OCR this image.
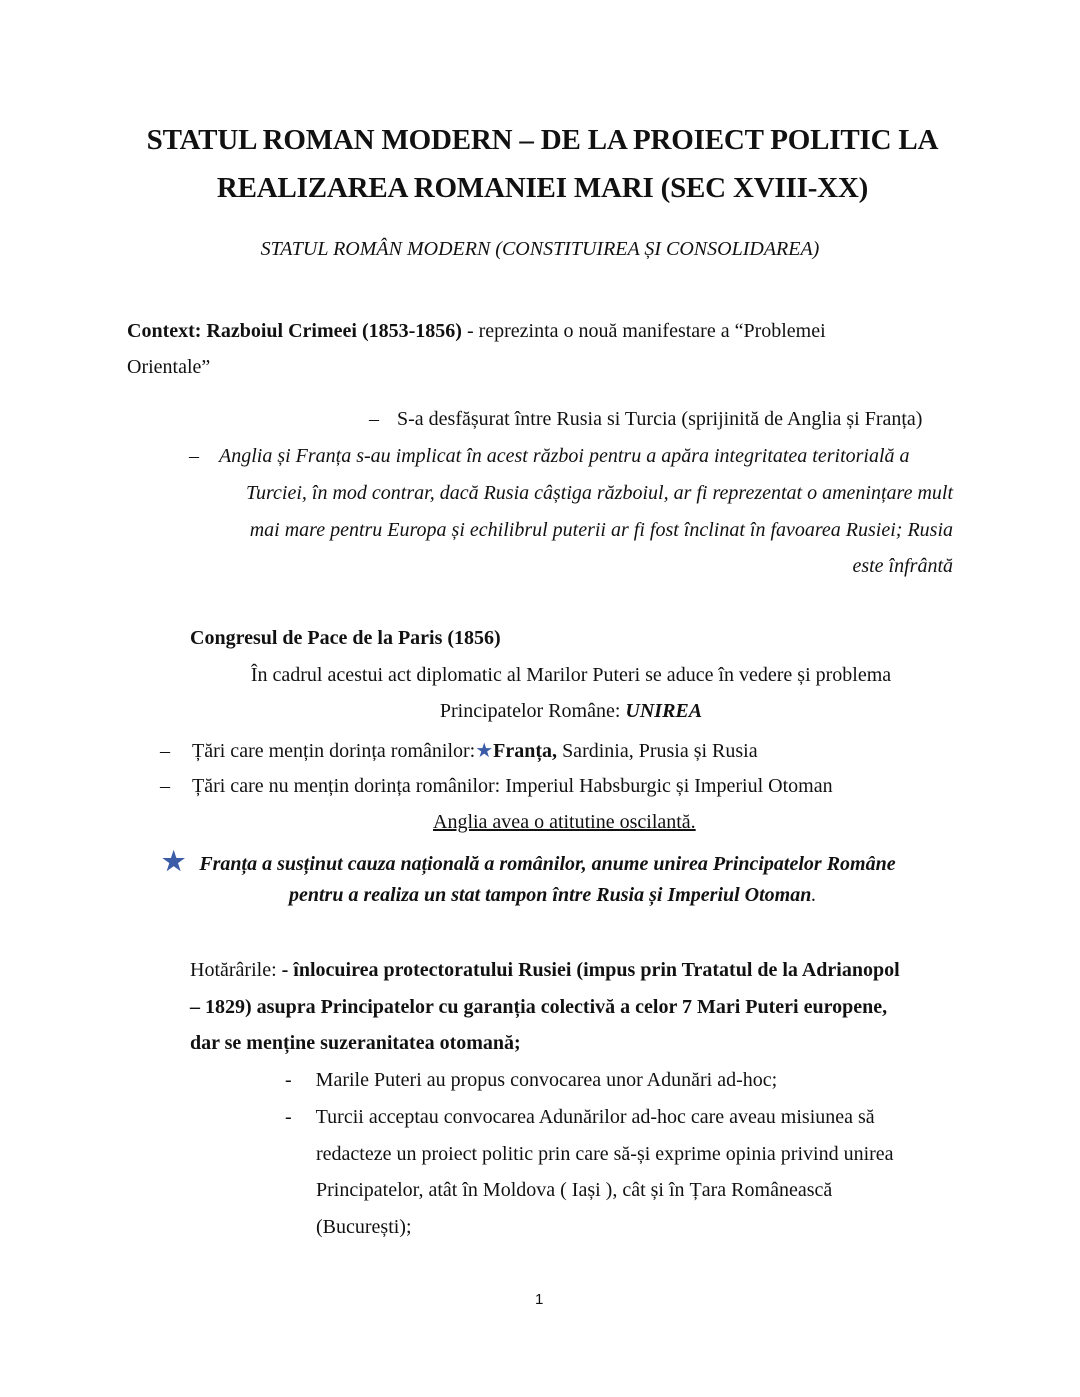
STATUL ROMAN MODERN – DE LA PROIECT POLITIC LA
REALIZAREA ROMANIEI MARI (SEC XVIII-XX)
STATUL ROMÂN MODERN (CONSTITUIREA ȘI CONSOLIDAREA)
Context: Razboiul Crimeei (1853-1856) - reprezinta o nouă manifestare a “Problemei
Orientale”
– S-a desfășurat între Rusia si Turcia (sprijinită de Anglia și Franța)
– Anglia și Franța s-au implicat în acest război pentru a apăra integritatea teritorială a
Turciei, în mod contrar, dacă Rusia câștiga războiul, ar fi reprezentat o amenințare mult
mai mare pentru Europa și echilibrul puterii ar fi fost înclinat în favoarea Rusiei; Rusia
este înfrântă
Congresul de Pace de la Paris (1856)
În cadrul acestui act diplomatic al Marilor Puteri se aduce în vedere și problema
Principatelor Române: UNIREA
– Țări care mențin dorința românilor:★Franța, Sardinia, Prusia și Rusia
– Țări care nu mențin dorința românilor: Imperiul Habsburgic și Imperiul Otoman
Anglia avea o atitutine oscilantă.
★ Franța a susținut cauza națională a românilor, anume unirea Principatelor Române
pentru a realiza un stat tampon între Rusia și Imperiul Otoman.
Hotărârile: - înlocuirea protectoratului Rusiei (impus prin Tratatul de la Adrianopol
– 1829) asupra Principatelor cu garanția colectivă a celor 7 Mari Puteri europene,
dar se menține suzeranitatea otomană;
- Marile Puteri au propus convocarea unor Adunări ad-hoc;
- Turcii acceptau convocarea Adunărilor ad-hoc care aveau misiunea să
redacteze un proiect politic prin care să-și exprime opinia privind unirea
Principatelor, atât în Moldova ( Iași ), cât și în Țara Românească
(București);
1
